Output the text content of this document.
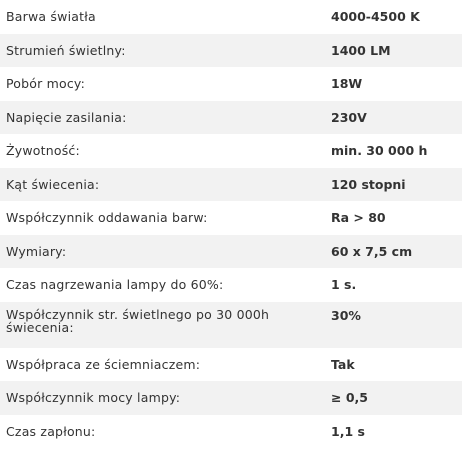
Barwa światła	4000-4500 K
Strumień świetlny:	1400 LM
Pobór mocy:	18W
Napięcie zasilania:	230V
Żywotność:	min. 30 000 h
Kąt świecenia:	120 stopni
Współczynnik oddawania barw:	Ra > 80
Wymiary:	60 x 7,5 cm
Czas nagrzewania lampy do 60%:	1 s.
Współczynnik str. świetlnego po 30 000h świecenia:	30%
Współpraca ze ściemniaczem:	Tak
Współczynnik mocy lampy:	≥ 0,5
Czas zapłonu:	1,1 s
